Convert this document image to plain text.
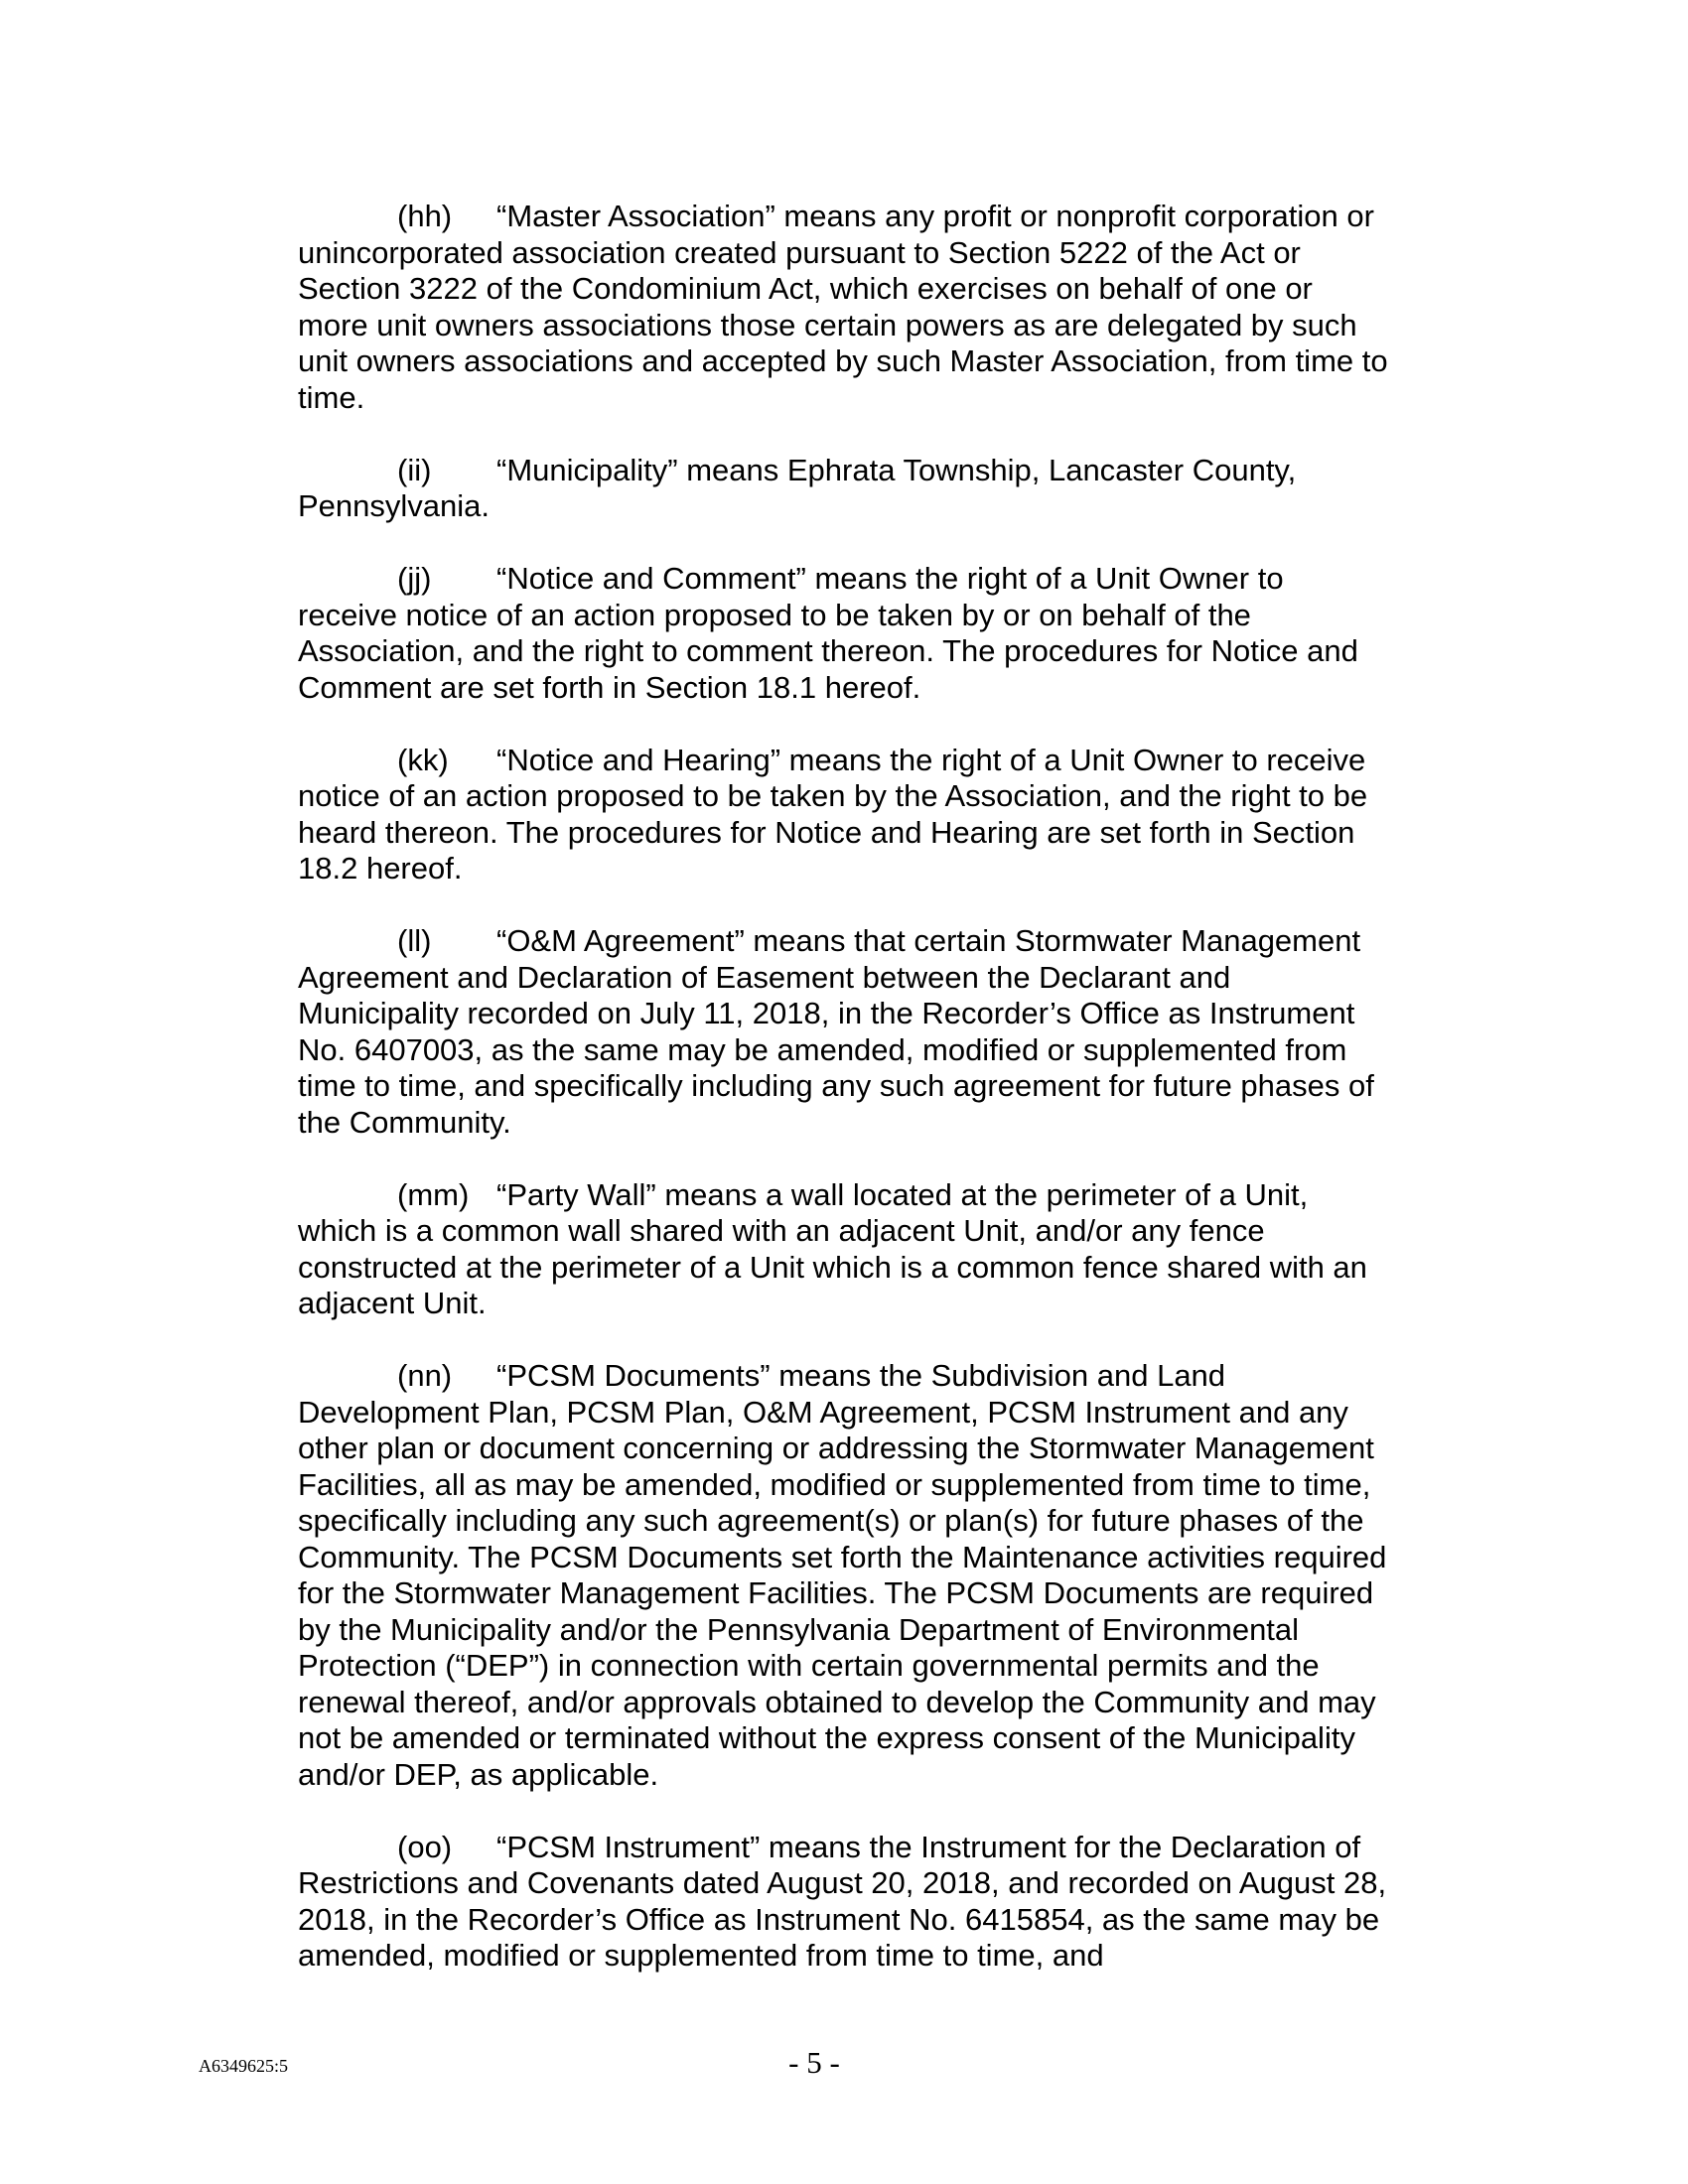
(hh) “Master Association” means any profit or nonprofit corporation or unincorporated association created pursuant to Section 5222 of the Act or Section 3222 of the Condominium Act, which exercises on behalf of one or more unit owners associations those certain powers as are delegated by such unit owners associations and accepted by such Master Association, from time to time.

(ii) “Municipality” means Ephrata Township, Lancaster County, Pennsylvania.

(jj) “Notice and Comment” means the right of a Unit Owner to receive notice of an action proposed to be taken by or on behalf of the Association, and the right to comment thereon. The procedures for Notice and Comment are set forth in Section 18.1 hereof.

(kk) “Notice and Hearing” means the right of a Unit Owner to receive notice of an action proposed to be taken by the Association, and the right to be heard thereon. The procedures for Notice and Hearing are set forth in Section 18.2 hereof.

(ll) “O&M Agreement” means that certain Stormwater Management Agreement and Declaration of Easement between the Declarant and Municipality recorded on July 11, 2018, in the Recorder’s Office as Instrument No. 6407003, as the same may be amended, modified or supplemented from time to time, and specifically including any such agreement for future phases of the Community.

(mm) “Party Wall” means a wall located at the perimeter of a Unit, which is a common wall shared with an adjacent Unit, and/or any fence constructed at the perimeter of a Unit which is a common fence shared with an adjacent Unit.

(nn) “PCSM Documents” means the Subdivision and Land Development Plan, PCSM Plan, O&M Agreement, PCSM Instrument and any other plan or document concerning or addressing the Stormwater Management Facilities, all as may be amended, modified or supplemented from time to time, specifically including any such agreement(s) or plan(s) for future phases of the Community. The PCSM Documents set forth the Maintenance activities required for the Stormwater Management Facilities. The PCSM Documents are required by the Municipality and/or the Pennsylvania Department of Environmental Protection (“DEP”) in connection with certain governmental permits and the renewal thereof, and/or approvals obtained to develop the Community and may not be amended or terminated without the express consent of the Municipality and/or DEP, as applicable.

(oo) “PCSM Instrument” means the Instrument for the Declaration of Restrictions and Covenants dated August 20, 2018, and recorded on August 28, 2018, in the Recorder’s Office as Instrument No. 6415854, as the same may be amended, modified or supplemented from time to time, and

A6349625:5	- 5 -
